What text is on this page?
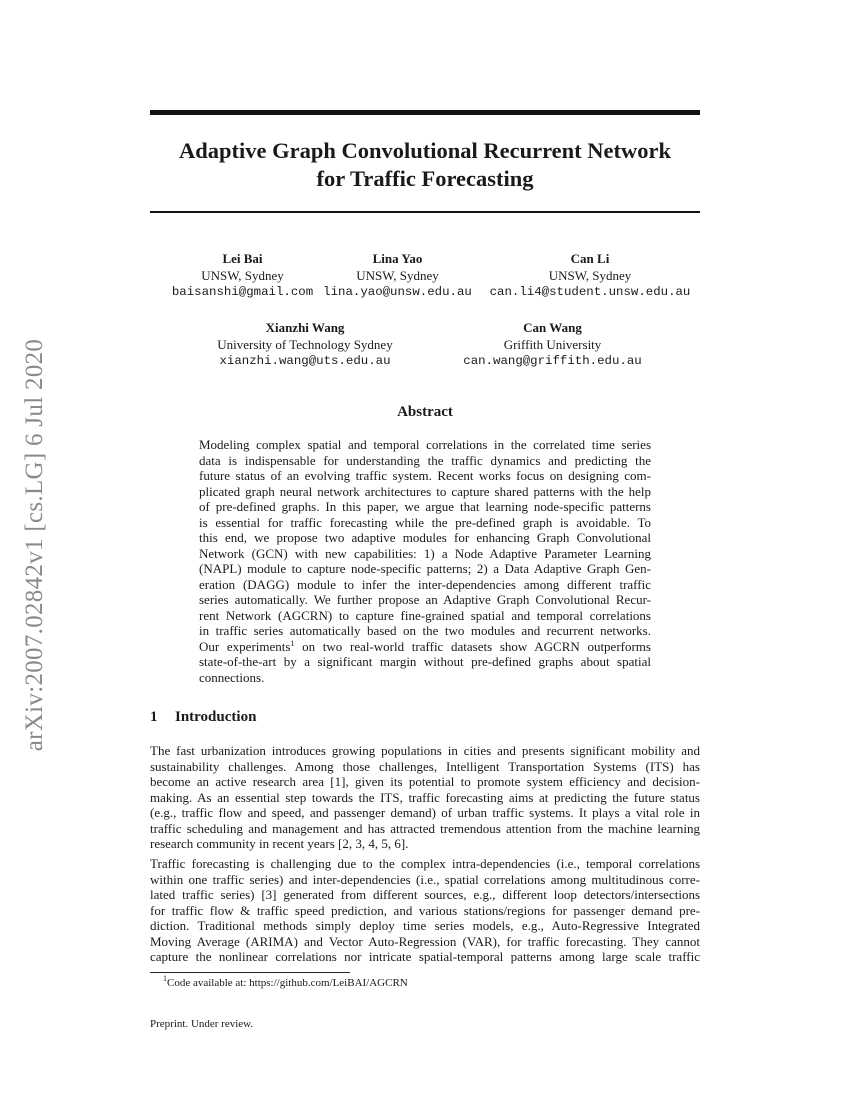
arXiv:2007.02842v1 [cs.LG] 6 Jul 2020
Adaptive Graph Convolutional Recurrent Network
for Traffic Forecasting
Lei Bai
UNSW, Sydney
baisanshi@gmail.com
Lina Yao
UNSW, Sydney
lina.yao@unsw.edu.au
Can Li
UNSW, Sydney
can.li4@student.unsw.edu.au
Xianzhi Wang
University of Technology Sydney
xianzhi.wang@uts.edu.au
Can Wang
Griffith University
can.wang@griffith.edu.au
Abstract
Modeling complex spatial and temporal correlations in the correlated time series
data is indispensable for understanding the traffic dynamics and predicting the
future status of an evolving traffic system. Recent works focus on designing com-
plicated graph neural network architectures to capture shared patterns with the help
of pre-defined graphs. In this paper, we argue that learning node-specific patterns
is essential for traffic forecasting while the pre-defined graph is avoidable. To
this end, we propose two adaptive modules for enhancing Graph Convolutional
Network (GCN) with new capabilities: 1) a Node Adaptive Parameter Learning
(NAPL) module to capture node-specific patterns; 2) a Data Adaptive Graph Gen-
eration (DAGG) module to infer the inter-dependencies among different traffic
series automatically. We further propose an Adaptive Graph Convolutional Recur-
rent Network (AGCRN) to capture fine-grained spatial and temporal correlations
in traffic series automatically based on the two modules and recurrent networks.
Our experiments$^1$ on two real-world traffic datasets show AGCRN outperforms
state-of-the-art by a significant margin without pre-defined graphs about spatial
connections.
1 Introduction
The fast urbanization introduces growing populations in cities and presents significant mobility and
sustainability challenges. Among those challenges, Intelligent Transportation Systems (ITS) has
become an active research area [1], given its potential to promote system efficiency and decision-
making. As an essential step towards the ITS, traffic forecasting aims at predicting the future status
(e.g., traffic flow and speed, and passenger demand) of urban traffic systems. It plays a vital role in
traffic scheduling and management and has attracted tremendous attention from the machine learning
research community in recent years [2, 3, 4, 5, 6].
Traffic forecasting is challenging due to the complex intra-dependencies (i.e., temporal correlations
within one traffic series) and inter-dependencies (i.e., spatial correlations among multitudinous corre-
lated traffic series) [3] generated from different sources, e.g., different loop detectors/intersections
for traffic flow & traffic speed prediction, and various stations/regions for passenger demand pre-
diction. Traditional methods simply deploy time series models, e.g., Auto-Regressive Integrated
Moving Average (ARIMA) and Vector Auto-Regression (VAR), for traffic forecasting. They cannot
capture the nonlinear correlations nor intricate spatial-temporal patterns among large scale traffic

$^1$Code available at: https://github.com/LeiBAI/AGCRN

Preprint. Under review.
